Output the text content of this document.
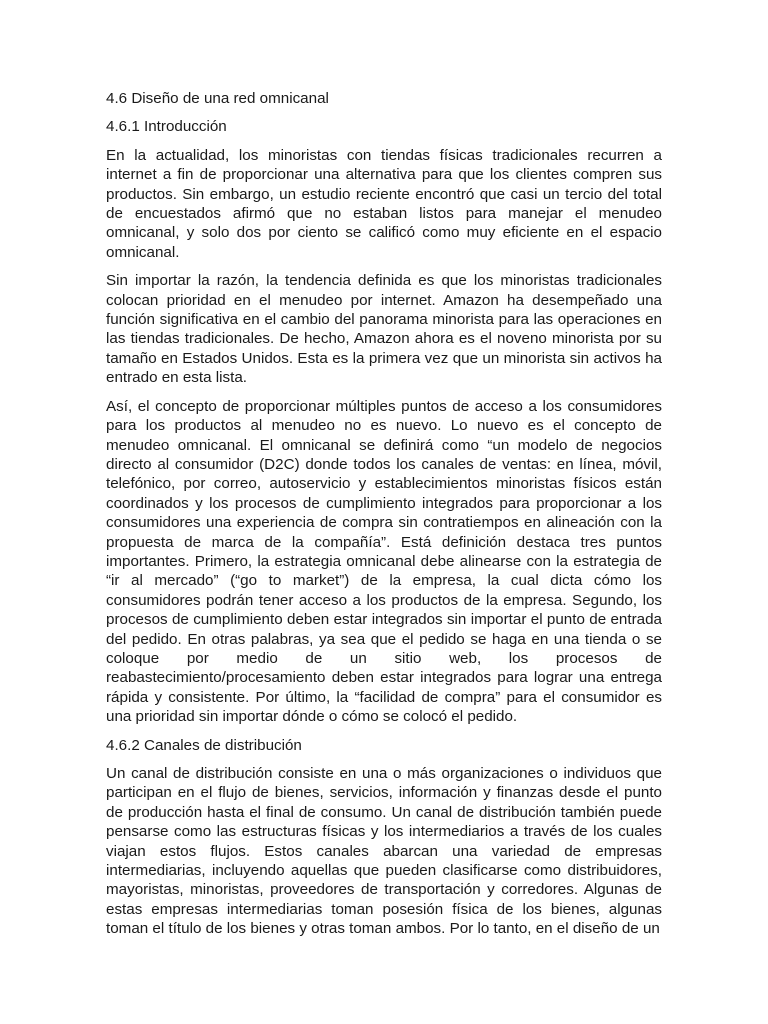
4.6 Diseño de una red omnicanal

4.6.1 Introducción

En la actualidad, los minoristas con tiendas físicas tradicionales recurren a internet a fin de proporcionar una alternativa para que los clientes compren sus productos. Sin embargo, un estudio reciente encontró que casi un tercio del total de encuestados afirmó que no estaban listos para manejar el menudeo omnicanal, y solo dos por ciento se calificó como muy eficiente en el espacio omnicanal.

Sin importar la razón, la tendencia definida es que los minoristas tradicionales colocan prioridad en el menudeo por internet. Amazon ha desempeñado una función significativa en el cambio del panorama minorista para las operaciones en las tiendas tradicionales. De hecho, Amazon ahora es el noveno minorista por su tamaño en Estados Unidos. Esta es la primera vez que un minorista sin activos ha entrado en esta lista.

Así, el concepto de proporcionar múltiples puntos de acceso a los consumidores para los productos al menudeo no es nuevo. Lo nuevo es el concepto de menudeo omnicanal. El omnicanal se definirá como “un modelo de negocios directo al consumidor (D2C) donde todos los canales de ventas: en línea, móvil, telefónico, por correo, autoservicio y establecimientos minoristas físicos están coordinados y los procesos de cumplimiento integrados para proporcionar a los consumidores una experiencia de compra sin contratiempos en alineación con la propuesta de marca de la compañía”. Está definición destaca tres puntos importantes. Primero, la estrategia omnicanal debe alinearse con la estrategia de “ir al mercado” (“go to market”) de la empresa, la cual dicta cómo los consumidores podrán tener acceso a los productos de la empresa. Segundo, los procesos de cumplimiento deben estar integrados sin importar el punto de entrada del pedido. En otras palabras, ya sea que el pedido se haga en una tienda o se coloque por medio de un sitio web, los procesos de reabastecimiento/procesamiento deben estar integrados para lograr una entrega rápida y consistente. Por último, la “facilidad de compra” para el consumidor es una prioridad sin importar dónde o cómo se colocó el pedido.

4.6.2 Canales de distribución

Un canal de distribución consiste en una o más organizaciones o individuos que participan en el flujo de bienes, servicios, información y finanzas desde el punto de producción hasta el final de consumo. Un canal de distribución también puede pensarse como las estructuras físicas y los intermediarios a través de los cuales viajan estos flujos. Estos canales abarcan una variedad de empresas intermediarias, incluyendo aquellas que pueden clasificarse como distribuidores, mayoristas, minoristas, proveedores de transportación y corredores. Algunas de estas empresas intermediarias toman posesión física de los bienes, algunas toman el título de los bienes y otras toman ambos. Por lo tanto, en el diseño de un
